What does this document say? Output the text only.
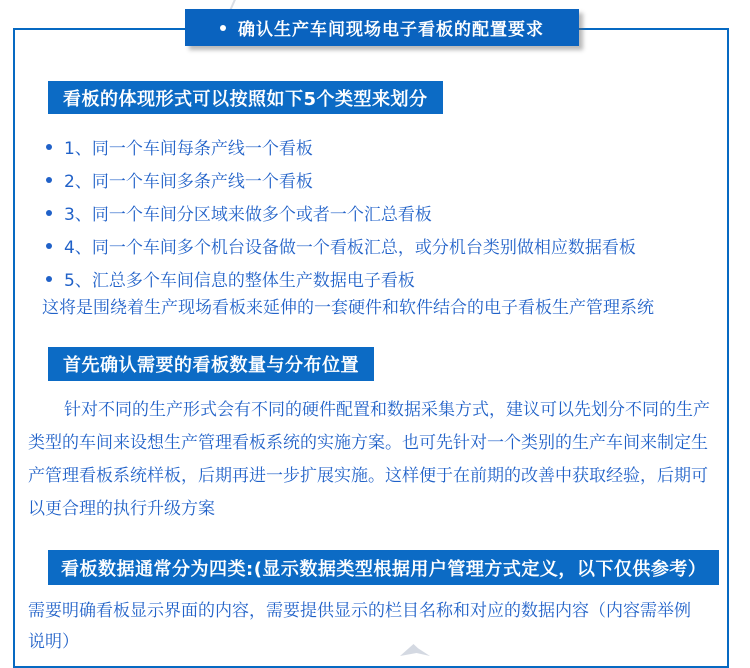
确认生产车间现场电子看板的配置要求
看板的体现形式可以按照如下5个类型来划分
1、同一个车间每条产线一个看板
2、同一个车间多条产线一个看板
3、同一个车间分区域来做多个或者一个汇总看板
4、同一个车间多个机台设备做一个看板汇总，或分机台类别做相应数据看板
5、汇总多个车间信息的整体生产数据电子看板
这将是围绕着生产现场看板来延伸的一套硬件和软件结合的电子看板生产管理系统
首先确认需要的看板数量与分布位置
针对不同的生产形式会有不同的硬件配置和数据采集方式，建议可以先划分不同的生产类型的车间来设想生产管理看板系统的实施方案。也可先针对一个类别的生产车间来制定生产管理看板系统样板，后期再进一步扩展实施。这样便于在前期的改善中获取经验，后期可以更合理的执行升级方案
看板数据通常分为四类:(显示数据类型根据用户管理方式定义，以下仅供参考）
需要明确看板显示界面的内容，需要提供显示的栏目名称和对应的数据内容（内容需举例说明）
